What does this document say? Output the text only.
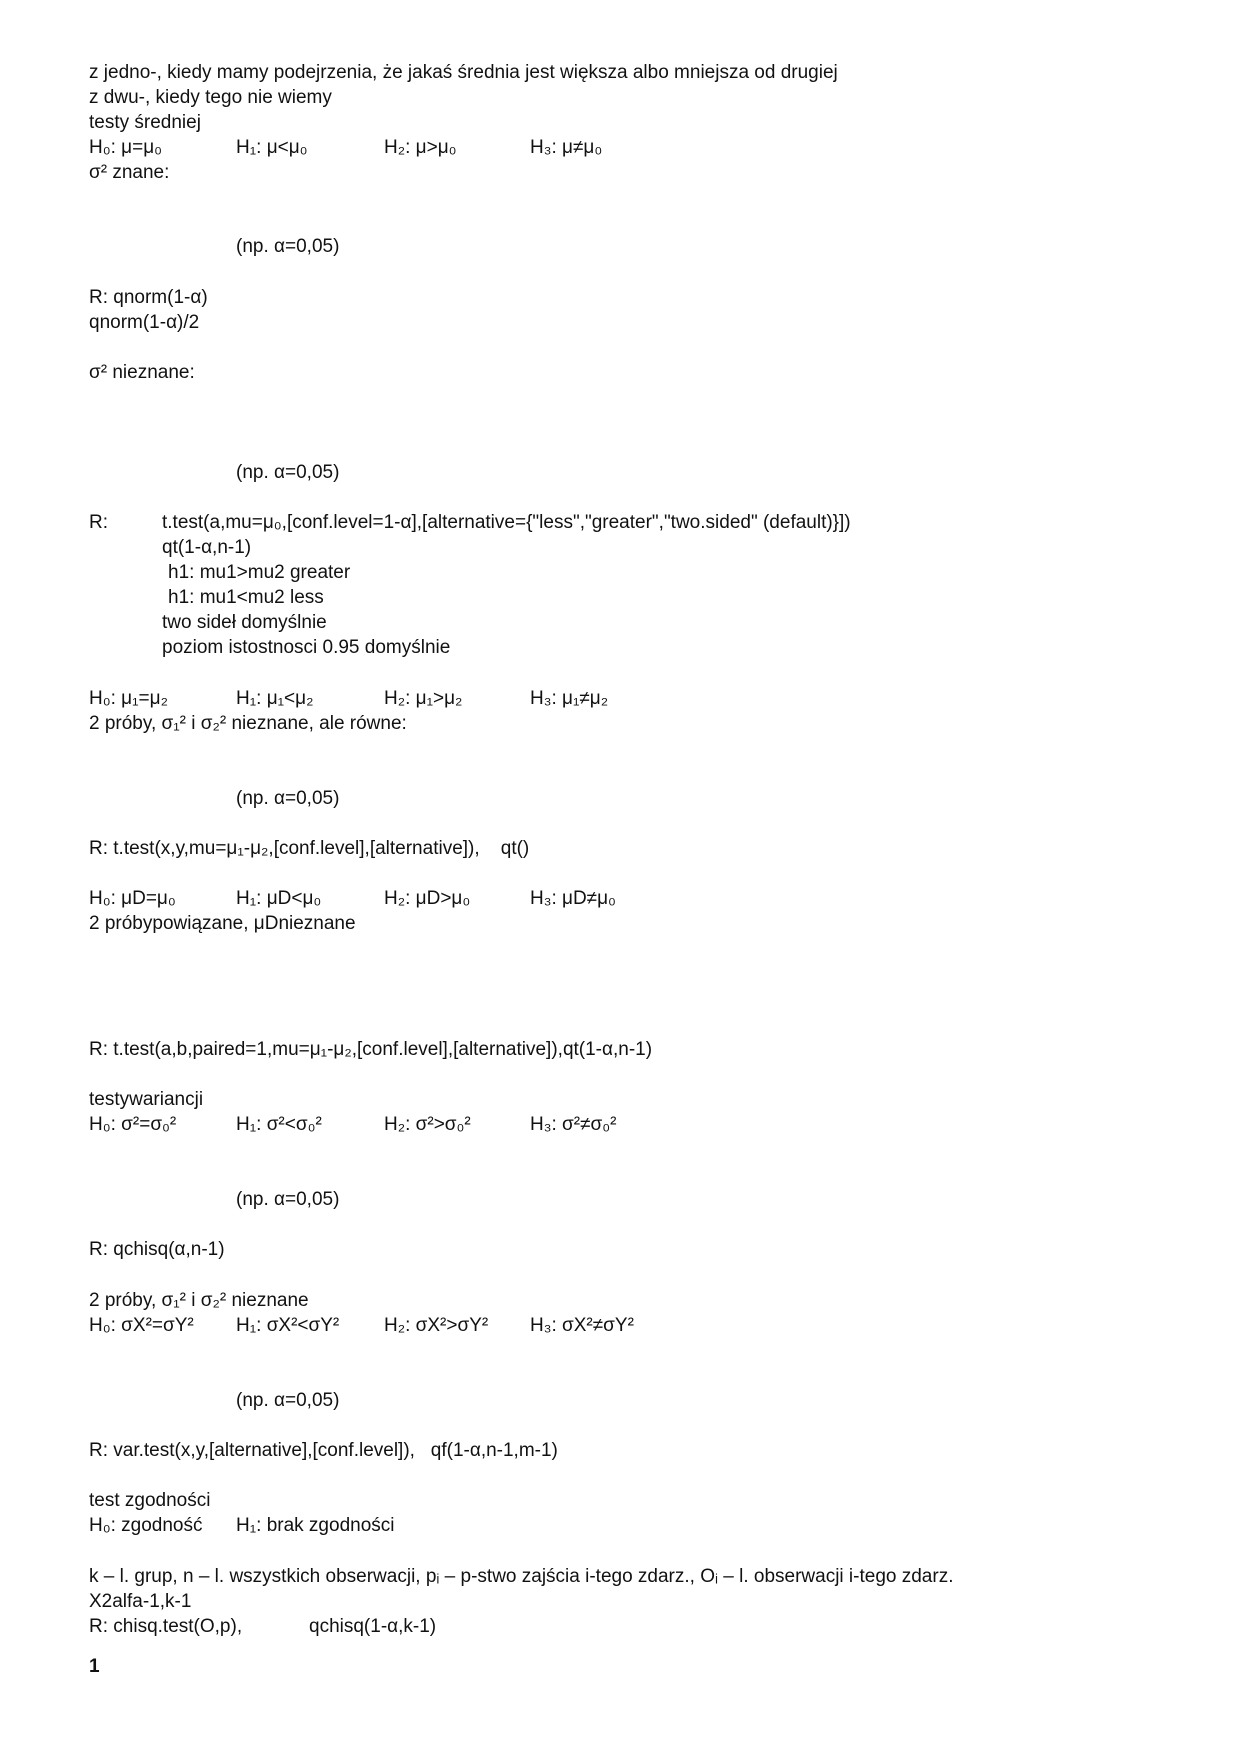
z jedno-, kiedy mamy podejrzenia, że jakaś średnia jest większa albo mniejsza od drugiej
z dwu-, kiedy tego nie wiemy
testy średniej
H₀: μ=μ₀	H₁: μ<μ₀	H₂: μ>μ₀	H₃: μ≠μ₀
σ² znane:
(np. α=0,05)
R: qnorm(1-α)
qnorm(1-α)/2
σ² nieznane:
(np. α=0,05)
R:	t.test(a,mu=μ₀,[conf.level=1-α],[alternative={"less","greater","two.sided" (default)}])
qt(1-α,n-1)
h1: mu1>mu2 greater
h1: mu1<mu2 less
two sideł domyślnie
poziom istostnosci 0.95 domyślnie
H₀: μ₁=μ₂	H₁: μ₁<μ₂	H₂: μ₁>μ₂	H₃: μ₁≠μ₂
2 próby, σ₁² i σ₂² nieznane, ale równe:
(np. α=0,05)
R: t.test(x,y,mu=μ₁-μ₂,[conf.level],[alternative]),    qt()
H₀: μD=μ₀	H₁: μD<μ₀	H₂: μD>μ₀	H₃: μD≠μ₀
2 próbypowiązane, μDnieznane
R: t.test(a,b,paired=1,mu=μ₁-μ₂,[conf.level],[alternative]),qt(1-α,n-1)
testywariancji
H₀: σ²=σ₀²	H₁: σ²<σ₀²	H₂: σ²>σ₀²	H₃: σ²≠σ₀²
(np. α=0,05)
R: qchisq(α,n-1)
2 próby, σ₁² i σ₂² nieznane
H₀: σX²=σY² H₁: σX²<σY² H₂: σX²>σY² H₃: σX²≠σY²
(np. α=0,05)
R: var.test(x,y,[alternative],[conf.level]),   qf(1-α,n-1,m-1)
test zgodności
H₀: zgodność H₁: brak zgodności
k – l. grup, n – l. wszystkich obserwacji, pᵢ – p-stwo zajścia i-tego zdarz., Oᵢ – l. obserwacji i-tego zdarz.
X2alfa-1,k-1
R: chisq.test(O,p),	qchisq(1-α,k-1)
1
